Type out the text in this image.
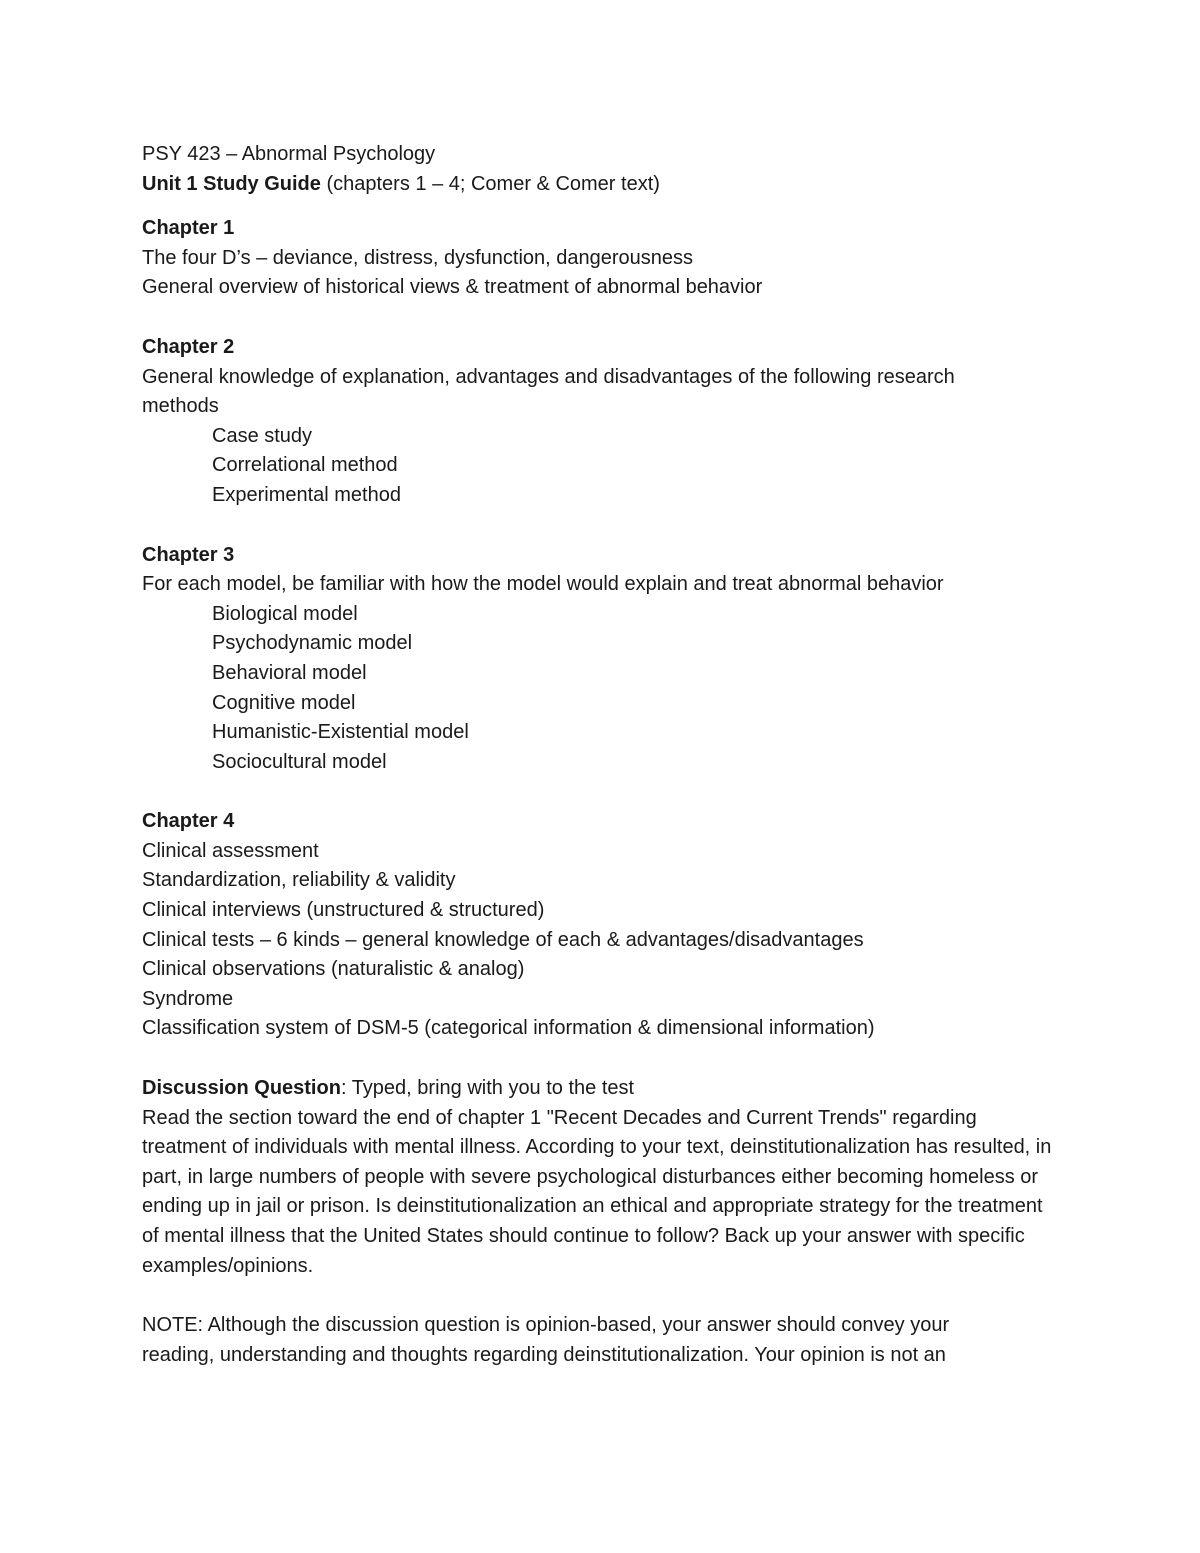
PSY 423 – Abnormal Psychology

Unit 1 Study Guide (chapters 1 – 4; Comer & Comer text)

Chapter 1

The four D’s – deviance, distress, dysfunction, dangerousness

General overview of historical views & treatment of abnormal behavior

Chapter 2

General knowledge of explanation, advantages and disadvantages of the following research methods

Case study

Correlational method

Experimental method

Chapter 3

For each model, be familiar with how the model would explain and treat abnormal behavior

Biological model

Psychodynamic model

Behavioral model

Cognitive model

Humanistic-Existential model

Sociocultural model

Chapter 4

Clinical assessment

Standardization, reliability & validity

Clinical interviews (unstructured & structured)

Clinical tests – 6 kinds – general knowledge of each & advantages/disadvantages

Clinical observations (naturalistic & analog)

Syndrome

Classification system of DSM-5 (categorical information & dimensional information)

Discussion Question: Typed, bring with you to the test

Read the section toward the end of chapter 1 "Recent Decades and Current Trends" regarding treatment of individuals with mental illness. According to your text, deinstitutionalization has resulted, in part, in large numbers of people with severe psychological disturbances either becoming homeless or ending up in jail or prison. Is deinstitutionalization an ethical and appropriate strategy for the treatment of mental illness that the United States should continue to follow? Back up your answer with specific examples/opinions.

NOTE: Although the discussion question is opinion-based, your answer should convey your reading, understanding and thoughts regarding deinstitutionalization. Your opinion is not an
